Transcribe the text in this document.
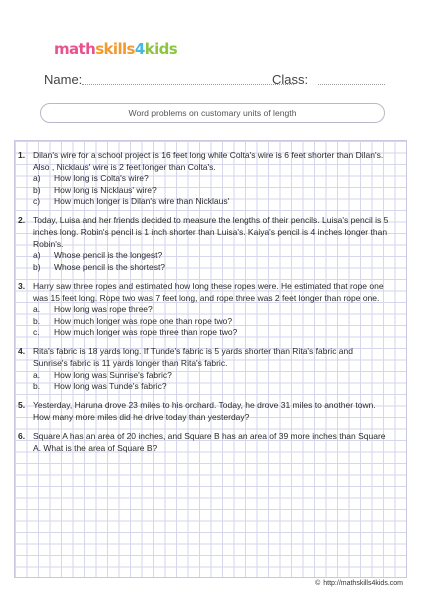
mathskills4kids
Name:	Class:
Word problems on customary units of length
1. Dilan's wire for a school project is 16 feet long while Colta's wire is 6 feet shorter than Dilan's. Also , Nicklaus' wire is 2 feet longer than Colta's.
a)	How long is Colta's wire?
b)	How long is Nicklaus' wire?
c)	How much longer is Dilan's wire than Nicklaus'
2. Today, Luisa and her friends decided to measure the lengths of their pencils. Luisa's pencil is 5 inches long. Robin's pencil is 1 inch shorter than Luisa's. Kaiya's pencil is 4 inches longer than Robin's.
a)	Whose pencil is the longest?
b)	Whose pencil is the shortest?
3. Harry saw three ropes and estimated how long these ropes were. He estimated that rope one was 15 feet long. Rope two was 7 feet long, and rope three was 2 feet longer than rope one.
a.	How long was rope three?
b.	How much longer was rope one than rope two?
c.	How much longer was rope three than rope two?
4. Rita's fabric is 18 yards long. If Tunde's fabric is 5 yards shorter than Rita's fabric and Sunrise's fabric is 11 yards longer than Rita's fabric.
a.	How long was Sunrise's fabric?
b.	How long was Tunde's fabric?
5. Yesterday, Haruna drove 23 miles to his orchard. Today, he drove 31 miles to another town. How many more miles did he drive today than yesterday?
6. Square A has an area of 20 inches, and Square B has an area of 39 more inches than Square A. What is the area of Square B?
© http://mathskills4kids.com
